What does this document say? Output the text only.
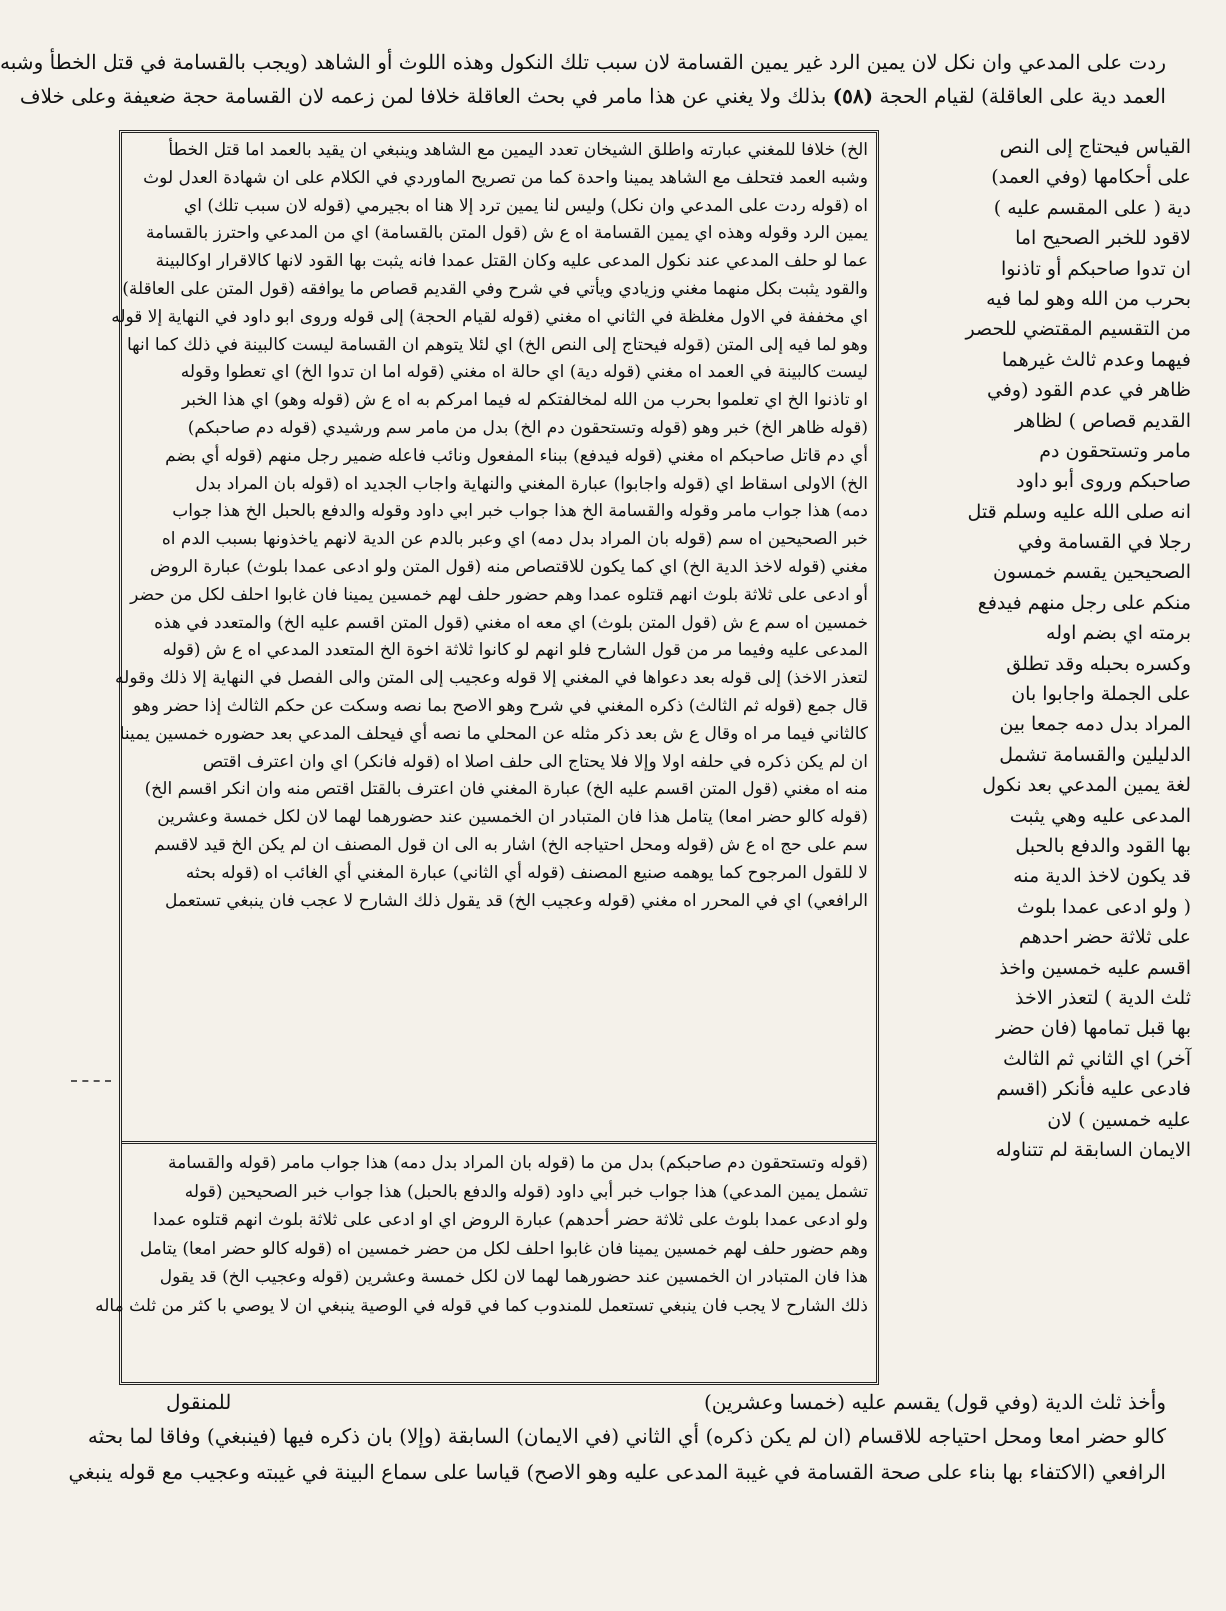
ردت على المدعي وان نكل لان يمين الرد غير يمين القسامة لان سبب تلك النكول وهذه اللوث أو الشاهد (ويجب بالقسامة في قتل الخطأ وشبه
العمد دية على العاقلة) لقيام الحجة (٥٨) بذلك ولا يغني عن هذا مامر في بحث العاقلة خلافا لمن زعمه لان القسامة حجة ضعيفة وعلى خلاف
الخ) خلافا للمغني عبارته واطلق الشيخان تعدد اليمين مع الشاهد وينبغي ان يقيد بالعمد اما قتل الخطأ
وشبه العمد فتحلف مع الشاهد يمينا واحدة كما من تصريح الماوردي في الكلام على ان شهادة العدل لوث
اه (قوله ردت على المدعي وان نكل) وليس لنا يمين ترد إلا هنا اه بجيرمي (قوله لان سبب تلك) اي
يمين الرد وقوله وهذه اي يمين القسامة اه ع ش (قول المتن بالقسامة) اي من المدعي واحترز بالقسامة
عما لو حلف المدعي عند نكول المدعى عليه وكان القتل عمدا فانه يثبت بها القود لانها كالاقرار اوكالبينة
والقود يثبت بكل منهما مغني وزيادي ويأتي في شرح وفي القديم قصاص ما يوافقه (قول المتن على العاقلة)
اي مخففة في الاول مغلظة في الثاني اه مغني (قوله لقيام الحجة) إلى قوله وروى ابو داود في النهاية إلا قوله
وهو لما فيه إلى المتن (قوله فيحتاج إلى النص الخ) اي لئلا يتوهم ان القسامة ليست كالبينة في ذلك كما انها
ليست كالبينة في العمد اه مغني (قوله دية) اي حالة اه مغني (قوله اما ان تدوا الخ) اي تعطوا وقوله
او تاذنوا الخ اي تعلموا بحرب من الله لمخالفتكم له فيما امركم به اه ع ش (قوله وهو) اي هذا الخبر
(قوله ظاهر الخ) خبر وهو (قوله وتستحقون دم الخ) بدل من مامر سم ورشيدي (قوله دم صاحبكم)
أي دم قاتل صاحبكم اه مغني (قوله فيدفع) ببناء المفعول ونائب فاعله ضمير رجل منهم (قوله أي بضم
الخ) الاولى اسقاط اي (قوله واجابوا) عبارة المغني والنهاية واجاب الجديد اه (قوله بان المراد بدل
دمه) هذا جواب مامر وقوله والقسامة الخ هذا جواب خبر ابي داود وقوله والدفع بالحبل الخ هذا جواب
خبر الصحيحين اه سم (قوله بان المراد بدل دمه) اي وعبر بالدم عن الدية لانهم ياخذونها بسبب الدم اه
مغني (قوله لاخذ الدية الخ) اي كما يكون للاقتصاص منه (قول المتن ولو ادعى عمدا بلوث) عبارة الروض
أو ادعى على ثلاثة بلوث انهم قتلوه عمدا وهم حضور حلف لهم خمسين يمينا فان غابوا احلف لكل من حضر
خمسين اه سم ع ش (قول المتن بلوث) اي معه اه مغني (قول المتن اقسم عليه الخ) والمتعدد في هذه
المدعى عليه وفيما مر من قول الشارح فلو انهم لو كانوا ثلاثة اخوة الخ المتعدد المدعي اه ع ش (قوله
لتعذر الاخذ) إلى قوله بعد دعواها في المغني إلا قوله وعجيب إلى المتن والى الفصل في النهاية إلا ذلك وقوله
قال جمع (قوله ثم الثالث) ذكره المغني في شرح وهو الاصح بما نصه وسكت عن حكم الثالث إذا حضر وهو
كالثاني فيما مر اه وقال ع ش بعد ذكر مثله عن المحلي ما نصه أي فيحلف المدعي بعد حضوره خمسين يمينا
ان لم يكن ذكره في حلفه اولا وإلا فلا يحتاج الى حلف اصلا اه (قوله فانكر) اي وان اعترف اقتص
منه اه مغني (قول المتن اقسم عليه الخ) عبارة المغني فان اعترف بالقتل اقتص منه وان انكر اقسم الخ)
(قوله كالو حضر امعا) يتامل هذا فان المتبادر ان الخمسين عند حضورهما لهما لان لكل خمسة وعشرين
سم على حج اه ع ش (قوله ومحل احتياجه الخ) اشار به الى ان قول المصنف ان لم يكن الخ قيد لاقسم
لا للقول المرجوح كما يوهمه صنيع المصنف (قوله أي الثاني) عبارة المغني أي الغائب اه (قوله بحثه
الرافعي) اي في المحرر اه مغني (قوله وعجيب الخ) قد يقول ذلك الشارح لا عجب فان ينبغي تستعمل
(قوله وتستحقون دم صاحبكم) بدل من ما (قوله بان المراد بدل دمه) هذا جواب مامر (قوله والقسامة
تشمل يمين المدعي) هذا جواب خبر أبي داود (قوله والدفع بالحبل) هذا جواب خبر الصحيحين (قوله
ولو ادعى عمدا بلوث على ثلاثة حضر أحدهم) عبارة الروض اي او ادعى على ثلاثة بلوث انهم قتلوه عمدا
وهم حضور حلف لهم خمسين يمينا فان غابوا احلف لكل من حضر خمسين اه (قوله كالو حضر امعا) يتامل
هذا فان المتبادر ان الخمسين عند حضورهما لهما لان لكل خمسة وعشرين (قوله وعجيب الخ) قد يقول
ذلك الشارح لا يجب فان ينبغي تستعمل للمندوب كما في قوله في الوصية ينبغي ان لا يوصي با كثر من ثلث ماله
القياس فيحتاج إلى النص
على أحكامها (وفي العمد)
دية ( على المقسم عليه )
لاقود للخبر الصحيح اما
ان تدوا صاحبكم أو تاذنوا
بحرب من الله وهو لما فيه
من التقسيم المقتضي للحصر
فيهما وعدم ثالث غيرهما
ظاهر في عدم القود (وفي
القديم قصاص ) لظاهر
مامر وتستحقون دم
صاحبكم وروى أبو داود
انه صلى الله عليه وسلم قتل
رجلا في القسامة وفي
الصحيحين يقسم خمسون
منكم على رجل منهم فيدفع
برمته اي بضم اوله
وكسره بحبله وقد تطلق
على الجملة واجابوا بان
المراد بدل دمه جمعا بين
الدليلين والقسامة تشمل
لغة يمين المدعي بعد نكول
المدعى عليه وهي يثبت
بها القود والدفع بالحبل
قد يكون لاخذ الدية منه
( ولو ادعى عمدا بلوث
على ثلاثة حضر احدهم
اقسم عليه خمسين واخذ
ثلث الدية ) لتعذر الاخذ
بها قبل تمامها (فان حضر
آخر) اي الثاني ثم الثالث
فادعى عليه فأنكر (اقسم
عليه خمسين ) لان
الايمان السابقة لم تتناوله
وأخذ ثلث الدية (وفي قول) يقسم عليه (خمسا وعشرين)
للمنقول
كالو حضر امعا ومحل احتياجه للاقسام (ان لم يكن ذكره) أي الثاني (في الايمان) السابقة (وإلا) بان ذكره فيها (فينبغي) وفاقا لما بحثه
الرافعي (الاكتفاء بها بناء على صحة القسامة في غيبة المدعى عليه وهو الاصح) قياسا على سماع البينة في غيبته وعجيب مع قوله ينبغي
